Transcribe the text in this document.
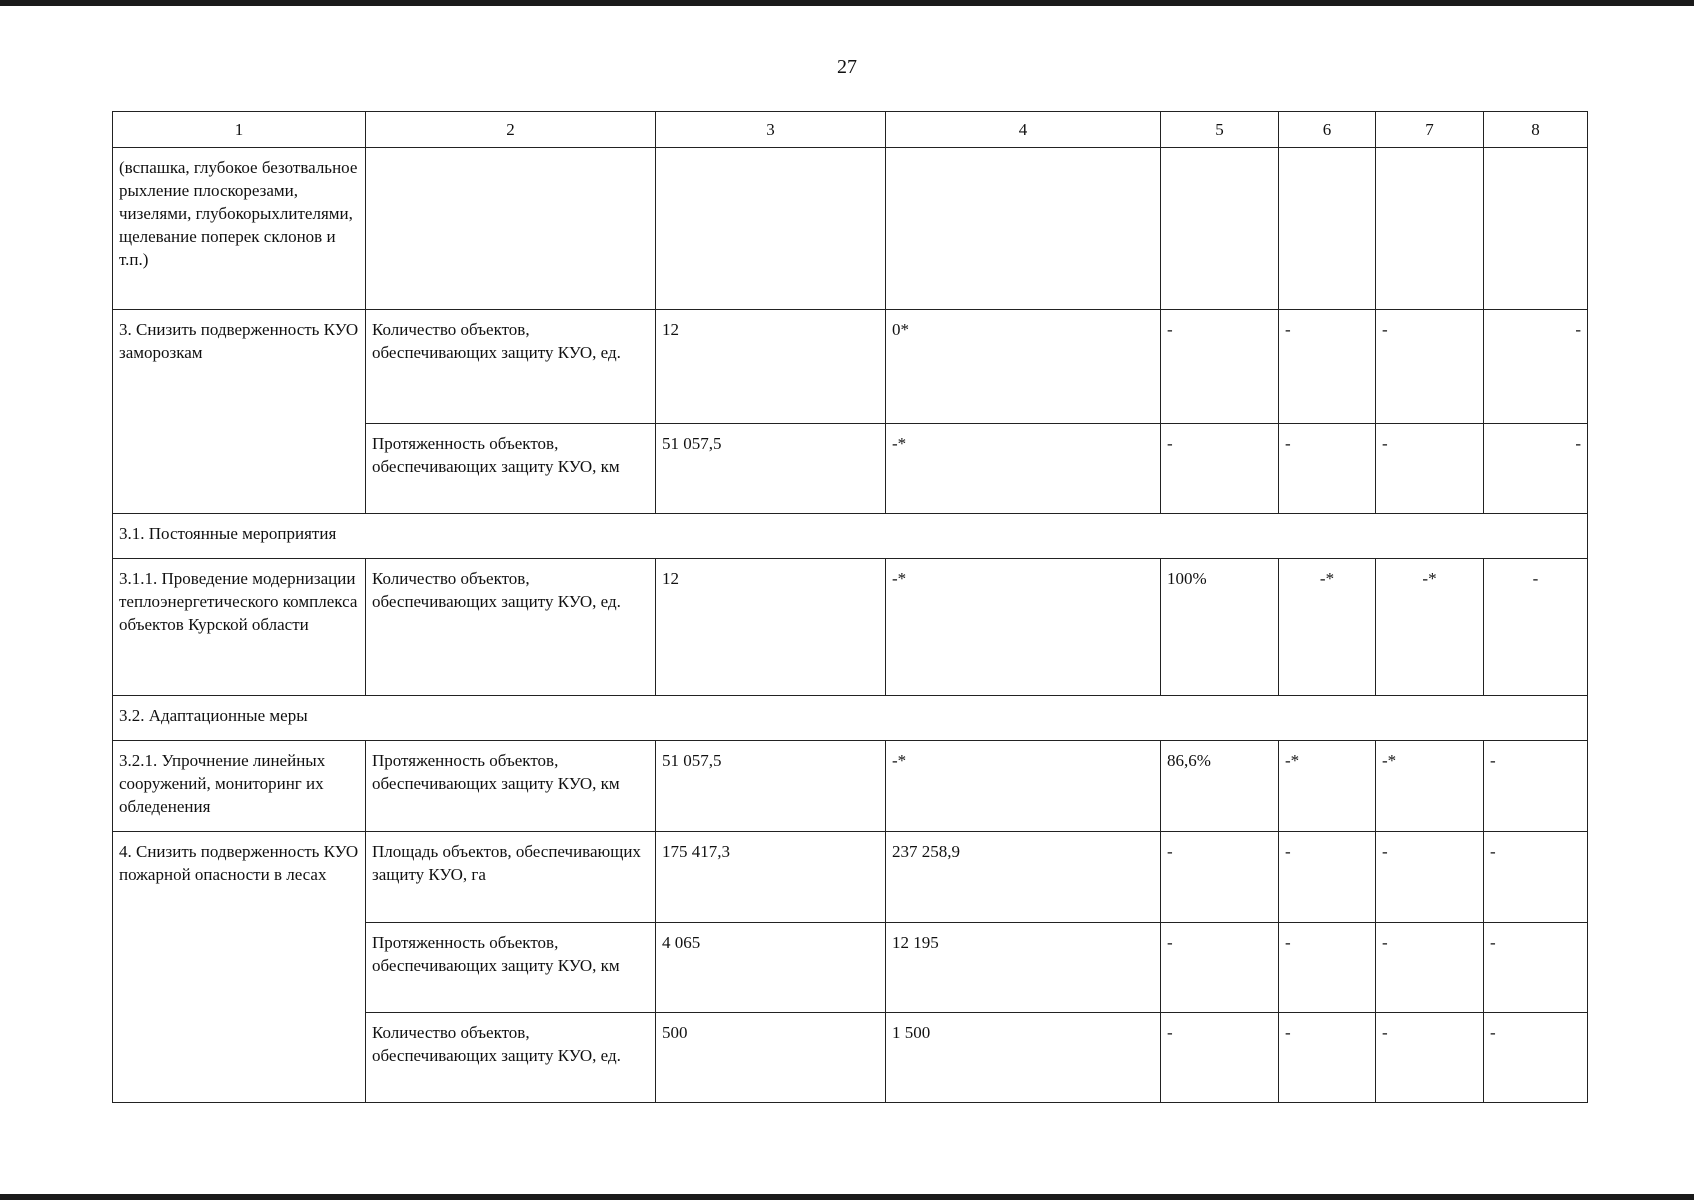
27
1	2	3	4	5	6	7	8
(вспашка, глубокое безотвальное рыхление плоскорезами, чизелями, глубокорыхлителями, щелевание поперек склонов и т.п.)							
3. Снизить подверженность КУО заморозкам	Количество объектов, обеспечивающих защиту КУО, ед.	12	0*	-	-	-	-
	Протяженность объектов, обеспечивающих защиту КУО, км	51 057,5	-*	-	-	-	-
3.1. Постоянные мероприятия							
3.1.1. Проведение модернизации теплоэнергетического комплекса объектов Курской области	Количество объектов, обеспечивающих защиту КУО, ед.	12	-*	100%	-*	-*	-
3.2. Адаптационные меры							
3.2.1. Упрочнение линейных сооружений, мониторинг их обледенения	Протяженность объектов, обеспечивающих защиту КУО, км	51 057,5	-*	86,6%	-*	-*	-
4. Снизить подверженность КУО пожарной опасности в лесах	Площадь объектов, обеспечивающих защиту КУО, га	175 417,3	237 258,9	-	-	-	-
	Протяженность объектов, обеспечивающих защиту КУО, км	4 065	12 195	-	-	-	-
	Количество объектов, обеспечивающих защиту КУО, ед.	500	1 500	-	-	-	-
